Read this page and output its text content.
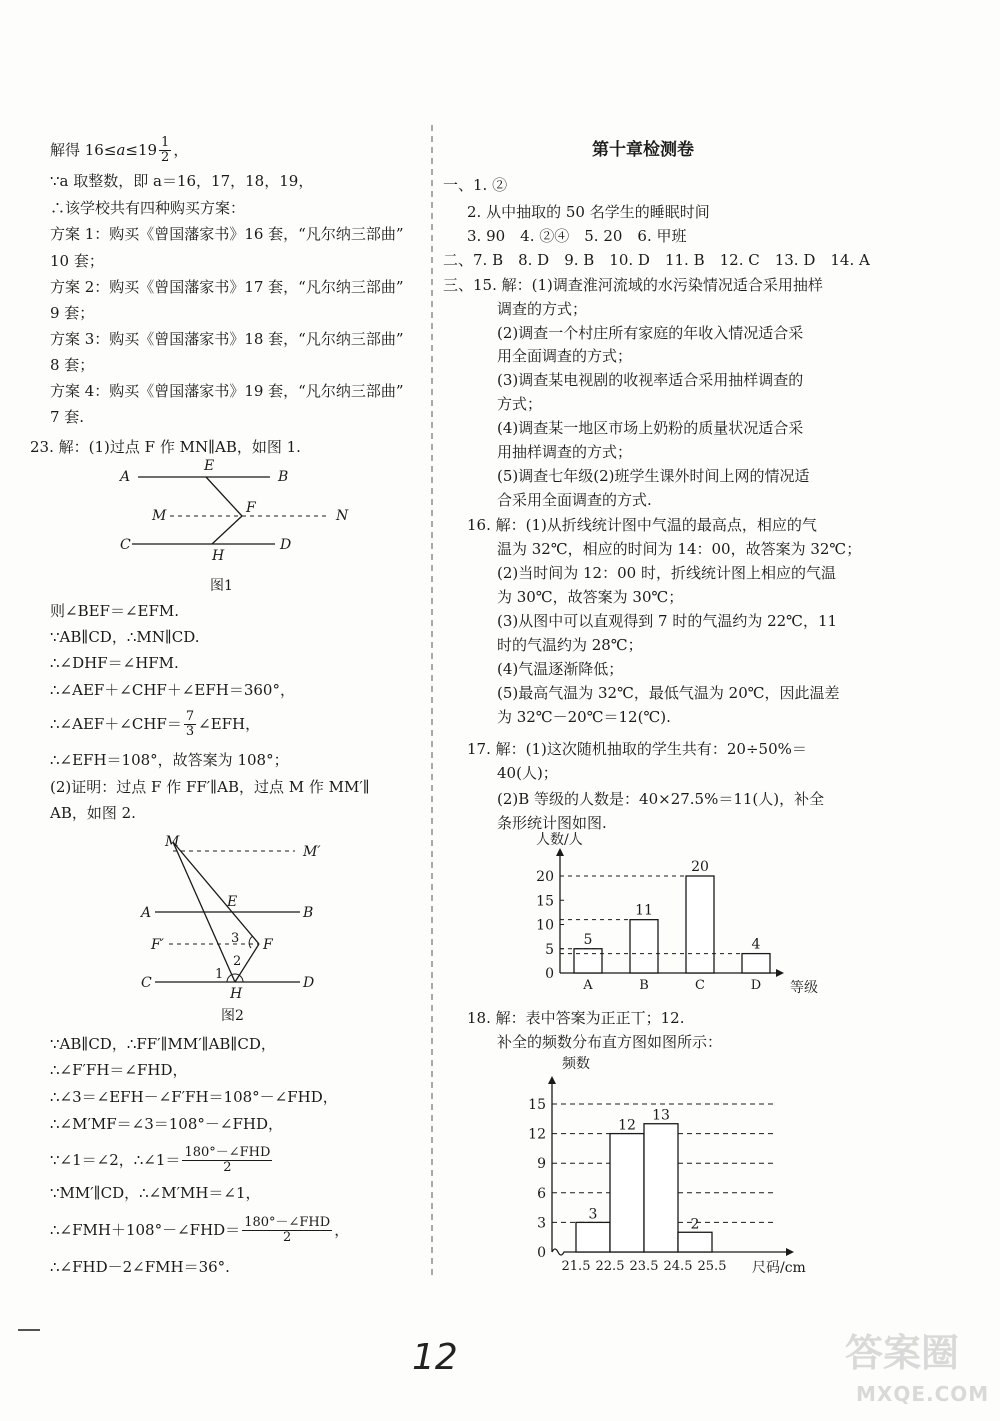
解得 $16\le a\le 19 \frac{1}{2}$ ，
∵a 取整数，即 a＝16，17，18，19，
∴该学校共有四种购买方案：
方案 1：购买《曾国藩家书》16 套，“凡尔纳三部曲”
10 套；
方案 2：购买《曾国藩家书》17 套，“凡尔纳三部曲”
9 套；
方案 3：购买《曾国藩家书》18 套，“凡尔纳三部曲”
8 套；
方案 4：购买《曾国藩家书》19 套，“凡尔纳三部曲”
7 套.
23. 解：(1)过点 F 作 MN∥AB，如图 1.
A
E
B
M	F	N
C
H
D
图1
则∠BEF＝∠EFM.
∵AB∥CD，∴MN∥CD.
∴∠DHF＝∠HFM.
∴∠AEF＋∠CHF＋∠EFH＝360°，
∴∠AEF＋∠CHF＝ $\frac{7}{3}$ ∠EFH，
∴∠EFH＝108°，故答案为 108°；
(2)证明：过点 F 作 FF′∥AB，过点 M 作 MM′∥
AB，如图 2.
M
M′
A
E
B
F′	3 F
2
C
1
D
H
图2
∵AB∥CD，∴FF′∥MM′∥AB∥CD，
∴∠F′FH＝∠FHD，
∴∠3＝∠EFH－∠F′FH＝108°－∠FHD，
∴∠M′MF＝∠3＝108°－∠FHD，
∵∠1＝∠2，∴∠1＝ $\frac{\text{180°－∠FHD}}{2}$
∵MM′∥CD，∴∠M′MH＝∠1，
∴∠FMH＋108°－∠FHD＝ $\frac{\text{180°－∠FHD}}{2}$ ，
∴∠FHD－2∠FMH＝36°.
第十章检测卷
一、1. ②
2. 从中抽取的 50 名学生的睡眠时间
3. 90　4. ②④　5. 20　6. 甲班
二、7. B　8. D　9. B　10. D　11. B　12. C　13. D　14. A
三、15. 解：(1)调查淮河流域的水污染情况适合采用抽样
调查的方式；
(2)调查一个村庄所有家庭的年收入情况适合采
用全面调查的方式；
(3)调查某电视剧的收视率适合采用抽样调查的
方式；
(4)调查某一地区市场上奶粉的质量状况适合采
用抽样调查的方式；
(5)调查七年级(2)班学生课外时间上网的情况适
合采用全面调查的方式.
16. 解：(1)从折线统计图中气温的最高点，相应的气
温为 32℃，相应的时间为 14：00，故答案为 32℃；
(2)当时间为 12：00 时，折线统计图上相应的气温
为 30℃，故答案为 30℃；
(3)从图中可以直观得到 7 时的气温约为 22℃，11
时的气温约为 28℃；
(4)气温逐渐降低；
(5)最高气温为 32℃，最低气温为 20℃，因此温差
为 32℃－20℃＝12(℃).
17. 解：(1)这次随机抽取的学生共有：20÷50%＝
40(人)；
(2)B 等级的人数是：40×27.5%＝11(人)，补全
条形统计图如图.
人数/人
等级
0
5
10
15
20
5
A
11
B
20
C
4
D
18. 解：表中答案为正正丅；12.
补全的频数分布直方图如图所示：
频数
尺码/cm
0
3
6
9
12
15
3
12
13
2
21.5 22.5 23.5 24.5 25.5
12	答案圈
MXQE.COM
